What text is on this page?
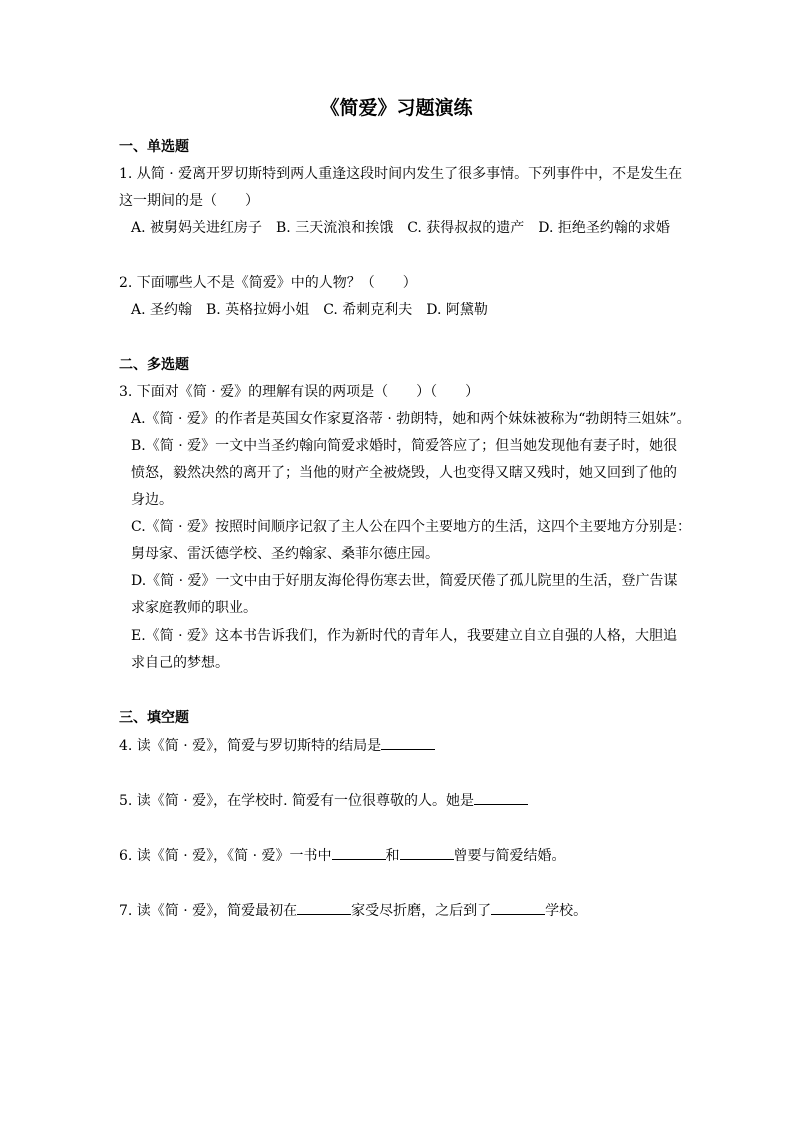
《简爱》习题演练
一、单选题
1. 从简 · 爱离开罗切斯特到两人重逢这段时间内发生了很多事情。下列事件中，不是发生在
这一期间的是（　　）
A. 被舅妈关进红房子　B. 三天流浪和挨饿　C. 获得叔叔的遗产　D. 拒绝圣约翰的求婚
2. 下面哪些人不是《简爱》中的人物？（　　）
A. 圣约翰　B. 英格拉姆小姐　C. 希刺克利夫　D. 阿黛勒
二、多选题
3. 下面对《简 · 爱》的理解有误的两项是（　　）（　　）
A.《简 · 爱》的作者是英国女作家夏洛蒂 · 勃朗特，她和两个妹妹被称为“勃朗特三姐妹”。
B.《简 · 爱》一文中当圣约翰向简爱求婚时，简爱答应了；但当她发现他有妻子时，她很
愤怒，毅然决然的离开了；当他的财产全被烧毁，人也变得又瞎又残时，她又回到了他的
身边。
C.《简 · 爱》按照时间顺序记叙了主人公在四个主要地方的生活，这四个主要地方分别是：
舅母家、雷沃德学校、圣约翰家、桑菲尔德庄园。
D.《简 · 爱》一文中由于好朋友海伦得伤寒去世，简爱厌倦了孤儿院里的生活，登广告谋
求家庭教师的职业。
E.《简 · 爱》这本书告诉我们，作为新时代的青年人，我要建立自立自强的人格，大胆追
求自己的梦想。
三、填空题
4. 读《简 · 爱》，简爱与罗切斯特的结局是
5. 读《简 · 爱》，在学校时. 简爱有一位很尊敬的人。她是
6. 读《简 · 爱》，《简 · 爱》一书中	和	曾要与简爱结婚。
7. 读《简 · 爱》，简爱最初在	家受尽折磨，之后到了	学校。
